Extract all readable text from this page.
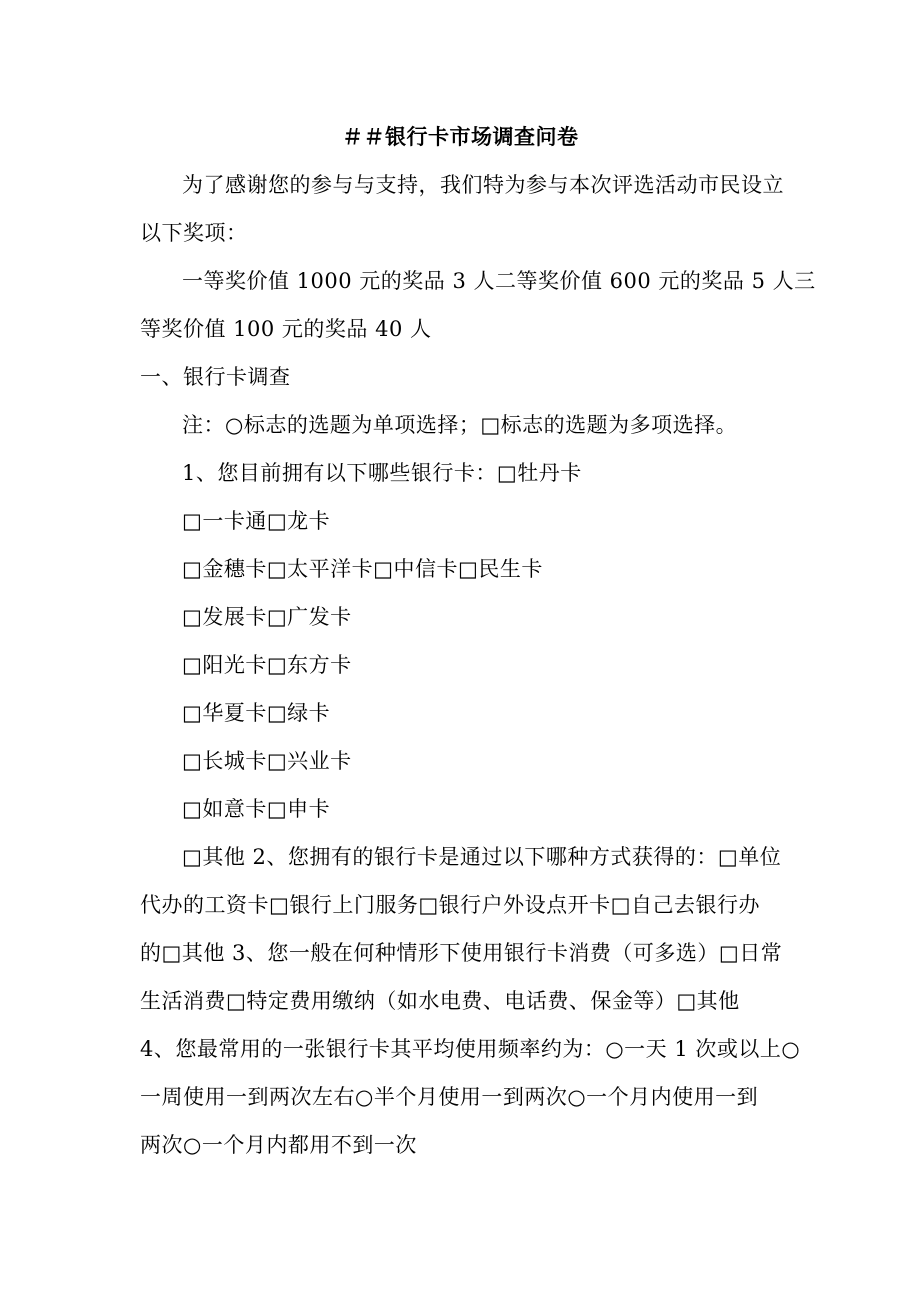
＃＃银行卡市场调查问卷
为了感谢您的参与与支持，我们特为参与本次评选活动市民设立
以下奖项：
一等奖价值 1000 元的奖品 3 人二等奖价值 600 元的奖品 5 人三
等奖价值 100 元的奖品 40 人
一、银行卡调查
注：○标志的选题为单项选择；□标志的选题为多项选择。
1、您目前拥有以下哪些银行卡：□牡丹卡
□一卡通□龙卡
□金穗卡□太平洋卡□中信卡□民生卡
□发展卡□广发卡
□阳光卡□东方卡
□华夏卡□绿卡
□长城卡□兴业卡
□如意卡□申卡
□其他 2、您拥有的银行卡是通过以下哪种方式获得的：□单位
代办的工资卡□银行上门服务□银行户外设点开卡□自己去银行办
的□其他 3、您一般在何种情形下使用银行卡消费（可多选）□日常
生活消费□特定费用缴纳（如水电费、电话费、保金等）□其他
4、您最常用的一张银行卡其平均使用频率约为：○一天 1 次或以上○
一周使用一到两次左右○半个月使用一到两次○一个月内使用一到
两次○一个月内都用不到一次
